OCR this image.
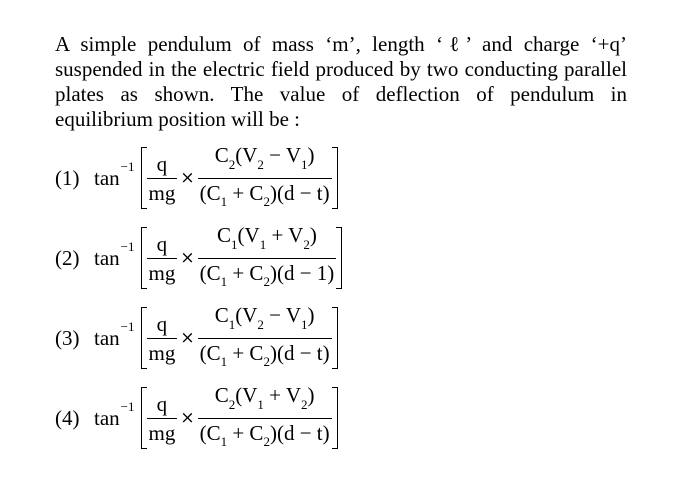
A simple pendulum of mass ‘m’, length ‘ℓ’ and charge ‘+q’ suspended in the electric field produced by two conducting parallel plates as shown. The value of deflection of pendulum in equilibrium position will be :
(1) $\tan^{-1} \frac{q}{mg} \times \frac{C_2(V_2 - V_1)}{(C_1 + C_2)(d - t)}$
(2) $\tan^{-1} \frac{q}{mg} \times \frac{C_1(V_1 + V_2)}{(C_1 + C_2)(d - 1)}$
(3) $\tan^{-1} \frac{q}{mg} \times \frac{C_1(V_2 - V_1)}{(C_1 + C_2)(d - t)}$
(4) $\tan^{-1} \frac{q}{mg} \times \frac{C_2(V_1 + V_2)}{(C_1 + C_2)(d - t)}$
